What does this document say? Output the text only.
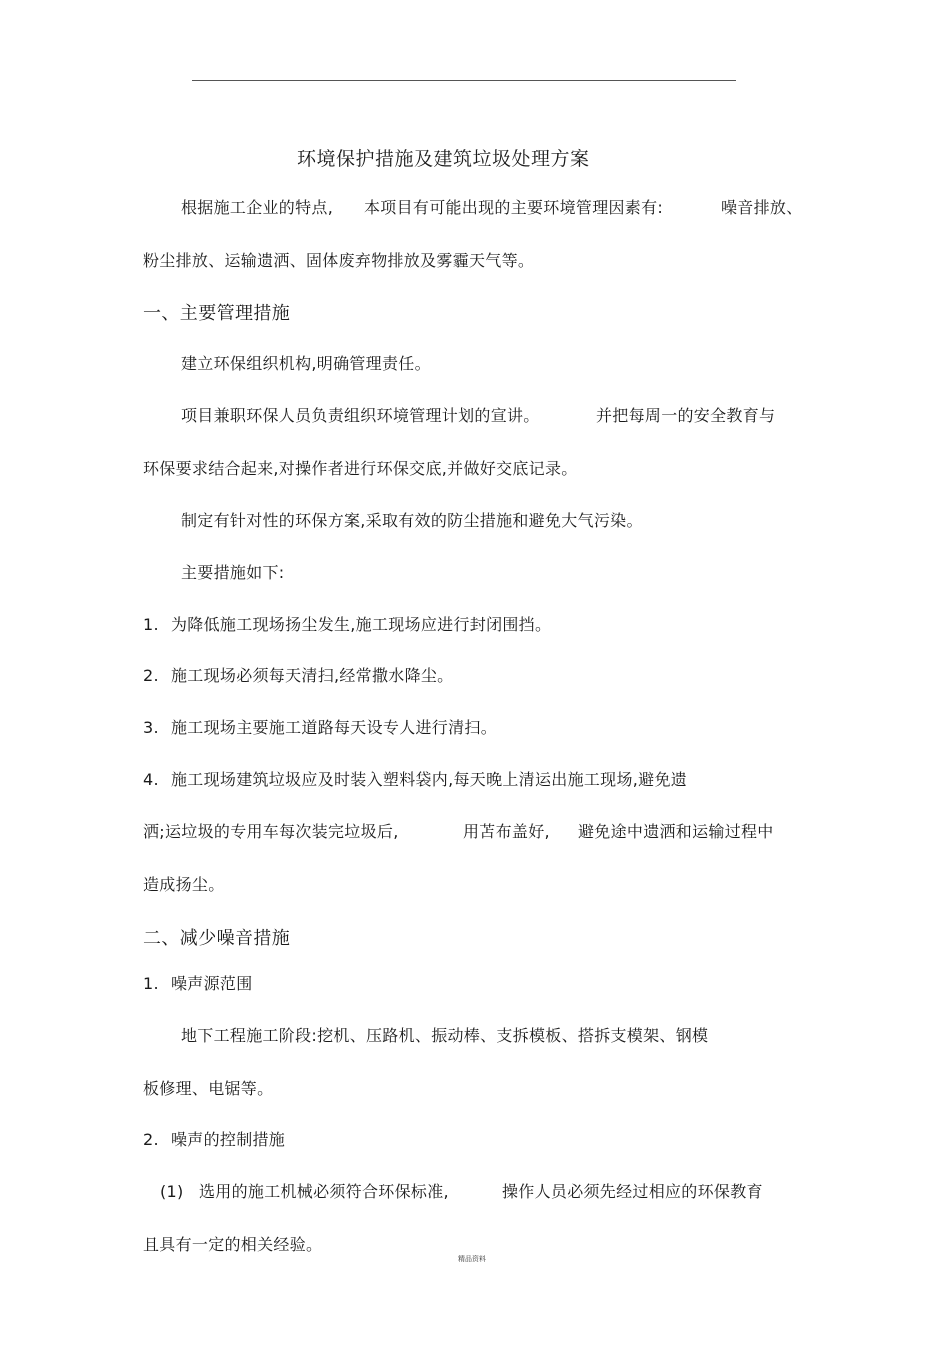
环境保护措施及建筑垃圾处理方案
根据施工企业的特点, 本项目有可能出现的主要环境管理因素有:	噪音排放、
粉尘排放、运输遗洒、固体废弃物排放及雾霾天气等。
一、主要管理措施
建立环保组织机构,明确管理责任。
项目兼职环保人员负责组织环境管理计划的宣讲。	并把每周一的安全教育与
环保要求结合起来,对操作者进行环保交底,并做好交底记录。
制定有针对性的环保方案,采取有效的防尘措施和避免大气污染。
主要措施如下:
1. 为降低施工现场扬尘发生,施工现场应进行封闭围挡。
2. 施工现场必须每天清扫,经常撒水降尘。
3. 施工现场主要施工道路每天设专人进行清扫。
4. 施工现场建筑垃圾应及时装入塑料袋内,每天晚上清运出施工现场,避免遗
洒;运垃圾的专用车每次装完垃圾后,	用苫布盖好, 避免途中遗洒和运输过程中
造成扬尘。
二、减少噪音措施
1. 噪声源范围
地下工程施工阶段:挖机、压路机、振动棒、支拆模板、搭拆支模架、钢模
板修理、电锯等。
2. 噪声的控制措施
(1) 选用的施工机械必须符合环保标准,	操作人员必须先经过相应的环保教育
且具有一定的相关经验。
精品资料
